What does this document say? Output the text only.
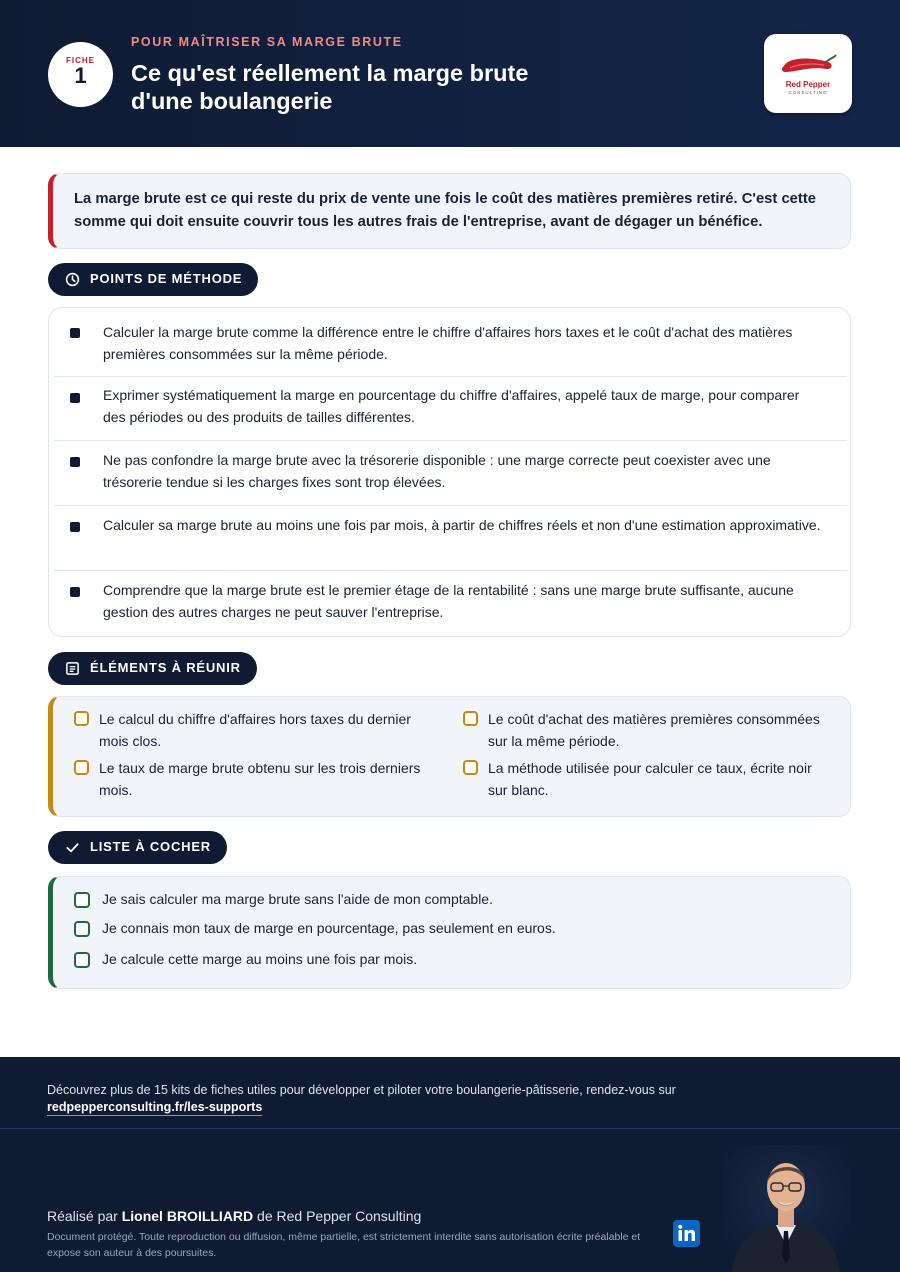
FICHE
1
POUR MAÎTRISER SA MARGE BRUTE
Ce qu'est réellement la marge brute d'une boulangerie
Red Pepper
CONSULTING

La marge brute est ce qui reste du prix de vente une fois le coût des matières premières retiré. C'est cette somme qui doit ensuite couvrir tous les autres frais de l'entreprise, avant de dégager un bénéfice.

POINTS DE MÉTHODE
Calculer la marge brute comme la différence entre le chiffre d'affaires hors taxes et le coût d'achat des matières premières consommées sur la même période.
Exprimer systématiquement la marge en pourcentage du chiffre d'affaires, appelé taux de marge, pour comparer des périodes ou des produits de tailles différentes.
Ne pas confondre la marge brute avec la trésorerie disponible : une marge correcte peut coexister avec une trésorerie tendue si les charges fixes sont trop élevées.
Calculer sa marge brute au moins une fois par mois, à partir de chiffres réels et non d'une estimation approximative.
Comprendre que la marge brute est le premier étage de la rentabilité : sans une marge brute suffisante, aucune gestion des autres charges ne peut sauver l'entreprise.
ÉLÉMENTS À RÉUNIR
Le calcul du chiffre d'affaires hors taxes du dernier mois clos.
Le coût d'achat des matières premières consommées sur la même période.
Le taux de marge brute obtenu sur les trois derniers mois.
La méthode utilisée pour calculer ce taux, écrite noir sur blanc.
LISTE À COCHER
Je sais calculer ma marge brute sans l'aide de mon comptable.
Je connais mon taux de marge en pourcentage, pas seulement en euros.
Je calcule cette marge au moins une fois par mois.
Découvrez plus de 15 kits de fiches utiles pour développer et piloter votre boulangerie-pâtisserie, rendez-vous sur
redpepperconsulting.fr/les-supports
Réalisé par Lionel BROILLIARD de Red Pepper Consulting
Document protégé. Toute reproduction ou diffusion, même partielle, est strictement interdite sans autorisation écrite préalable et expose son auteur à des poursuites.
